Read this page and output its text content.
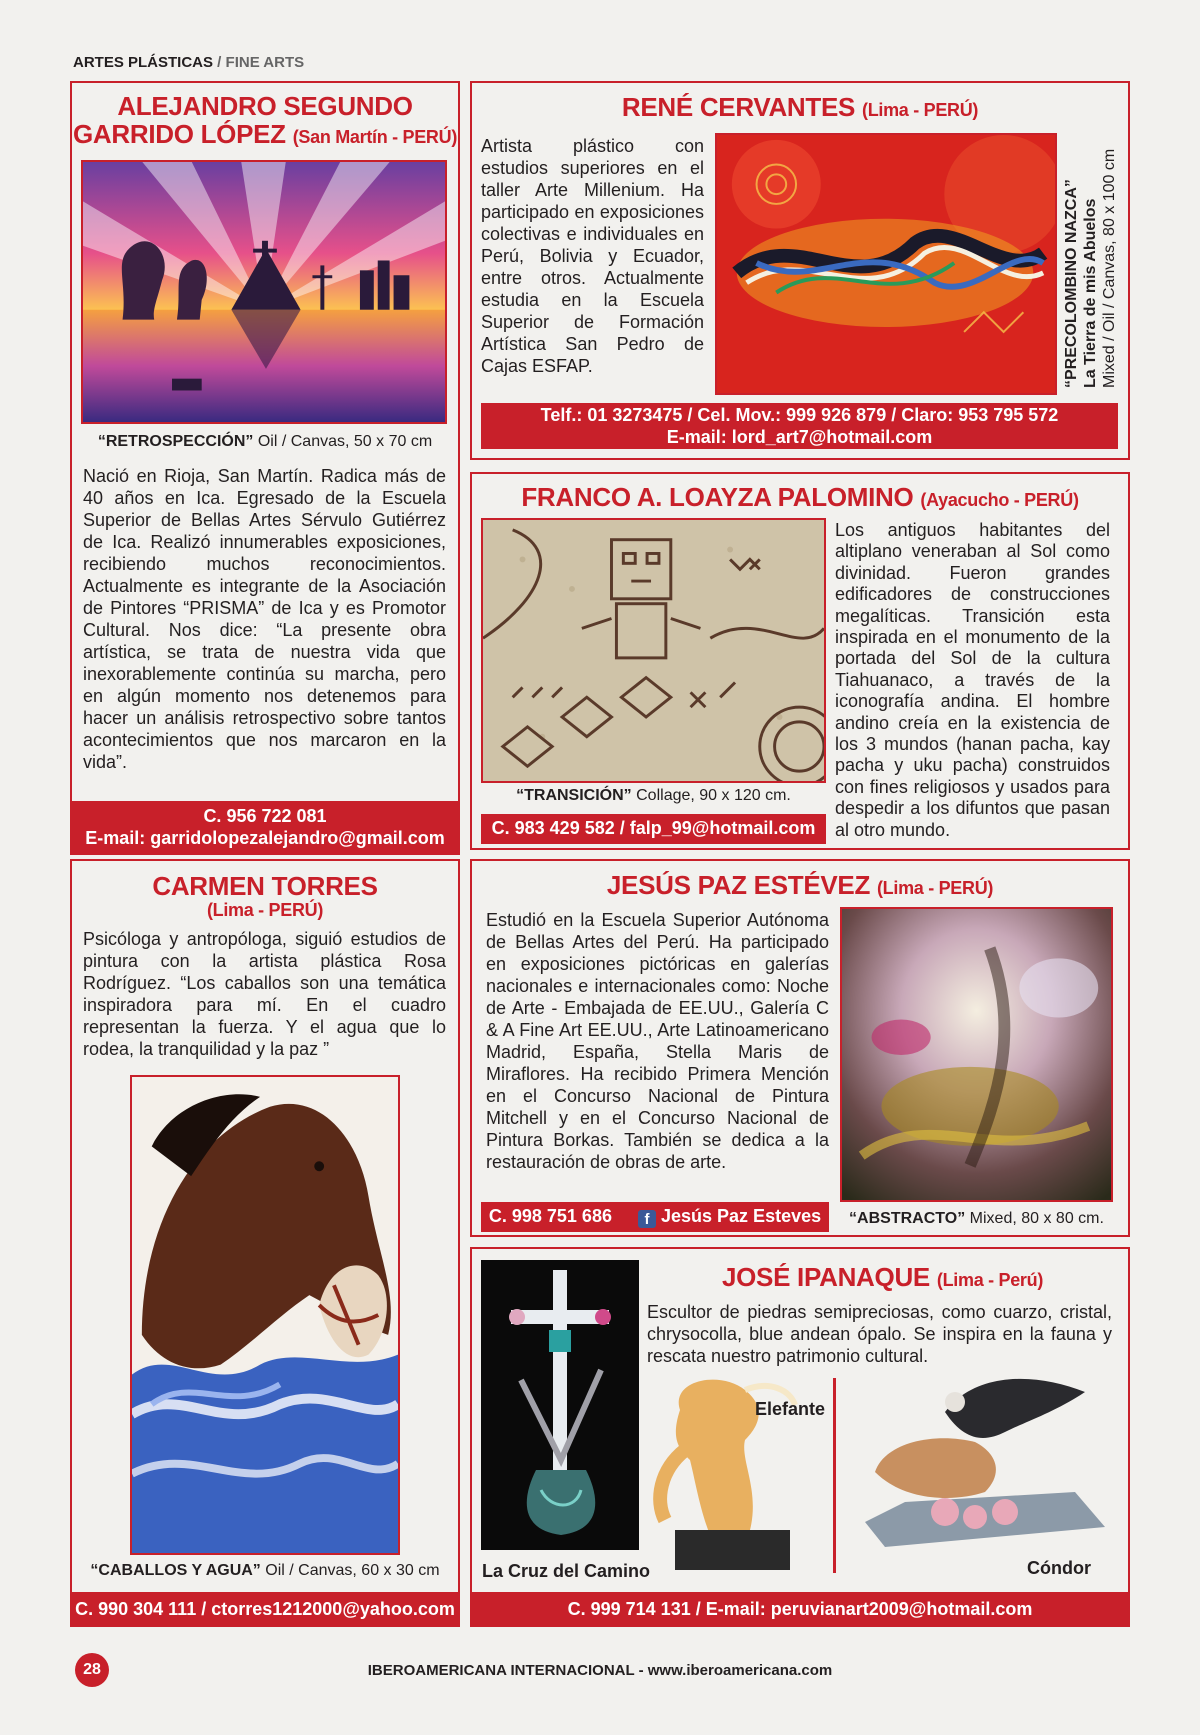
ARTES PLÁSTICAS / FINE ARTS
ALEJANDRO SEGUNDO
GARRIDO LÓPEZ (San Martín - PERÚ)
“RETROSPECCIÓN” Oil / Canvas, 50 x 70 cm
Nació en Rioja, San Martín. Radica más de 40 años en Ica. Egresado de la Escuela Superior de Bellas Artes Sérvulo Gutiérrez de Ica. Realizó innumerables exposiciones, recibiendo muchos reconocimientos. Actualmente es integrante de la Asociación de Pintores “PRISMA” de Ica y es Promotor Cultural. Nos dice: “La presente obra artística, se trata de nuestra vida que inexorablemente continúa su marcha, pero en algún momento nos detenemos para hacer un análisis retrospectivo sobre tantos acontecimientos que nos marcaron en la vida”.
C. 956 722 081
E-mail: garridolopezalejandro@gmail.com
RENÉ CERVANTES (Lima - PERÚ)
Artista plástico con estudios superiores en el taller Arte Millenium. Ha participado en exposiciones colectivas e individuales en Perú, Bolivia y Ecuador, entre otros. Actualmente estudia en la Escuela Superior de Formación Artística San Pedro de Cajas ESFAP.	“PRECOLOMBINO NAZCA” La Tierra de mis Abuelos Mixed / Oil / Canvas, 80 x 100 cm
Telf.: 01 3273475 / Cel. Mov.: 999 926 879 / Claro: 953 795 572
E-mail: lord_art7@hotmail.com
FRANCO A. LOAYZA PALOMINO (Ayacucho - PERÚ)
“TRANSICIÓN” Collage, 90 x 120 cm.
C. 983 429 582 / falp_99@hotmail.com
Los antiguos habitantes del altiplano veneraban al Sol como divinidad. Fueron grandes edificadores de construcciones megalíticas. Transición esta inspirada en el monumento de la portada del Sol de la cultura Tiahuanaco, a través de la iconografía andina. El hombre andino creía en la existencia de los 3 mundos (hanan pacha, kay pacha y uku pacha) construidos con fines religiosos y usados para despedir a los difuntos que pasan al otro mundo.
CARMEN TORRES
(Lima - PERÚ)
Psicóloga y antropóloga, siguió estudios de pintura con la artista plástica Rosa Rodríguez. “Los caballos son una temática inspiradora para mí. En el cuadro representan la fuerza. Y el agua que lo rodea, la tranquilidad y la paz ”
“CABALLOS Y AGUA” Oil / Canvas, 60 x 30 cm
C. 990 304 111 / ctorres1212000@yahoo.com
JESÚS PAZ ESTÉVEZ (Lima - PERÚ)
Estudió en la Escuela Superior Autónoma de Bellas Artes del Perú. Ha participado en exposiciones pictóricas en galerías nacionales e internacionales como: Noche de Arte - Embajada de EE.UU., Galería C & A Fine Art EE.UU., Arte Latinoamericano Madrid, España, Stella Maris de Miraflores. Ha recibido Primera Mención en el Concurso Nacional de Pintura Mitchell y en el Concurso Nacional de Pintura Borkas. También se dedica a la restauración de obras de arte.
C. 998 751 686 f Jesús Paz Esteves	“ABSTRACTO” Mixed, 80 x 80 cm.
La Cruz del Camino
JOSÉ IPANAQUE (Lima - Perú)
Escultor de piedras semipreciosas, como cuarzo, cristal, chrysocolla, blue andean ópalo. Se inspira en la fauna y rescata nuestro patrimonio cultural.
Elefante
Cóndor
C. 999 714 131 / E-mail: peruvianart2009@hotmail.com
28	IBEROAMERICANA INTERNACIONAL - www.iberoamericana.com
